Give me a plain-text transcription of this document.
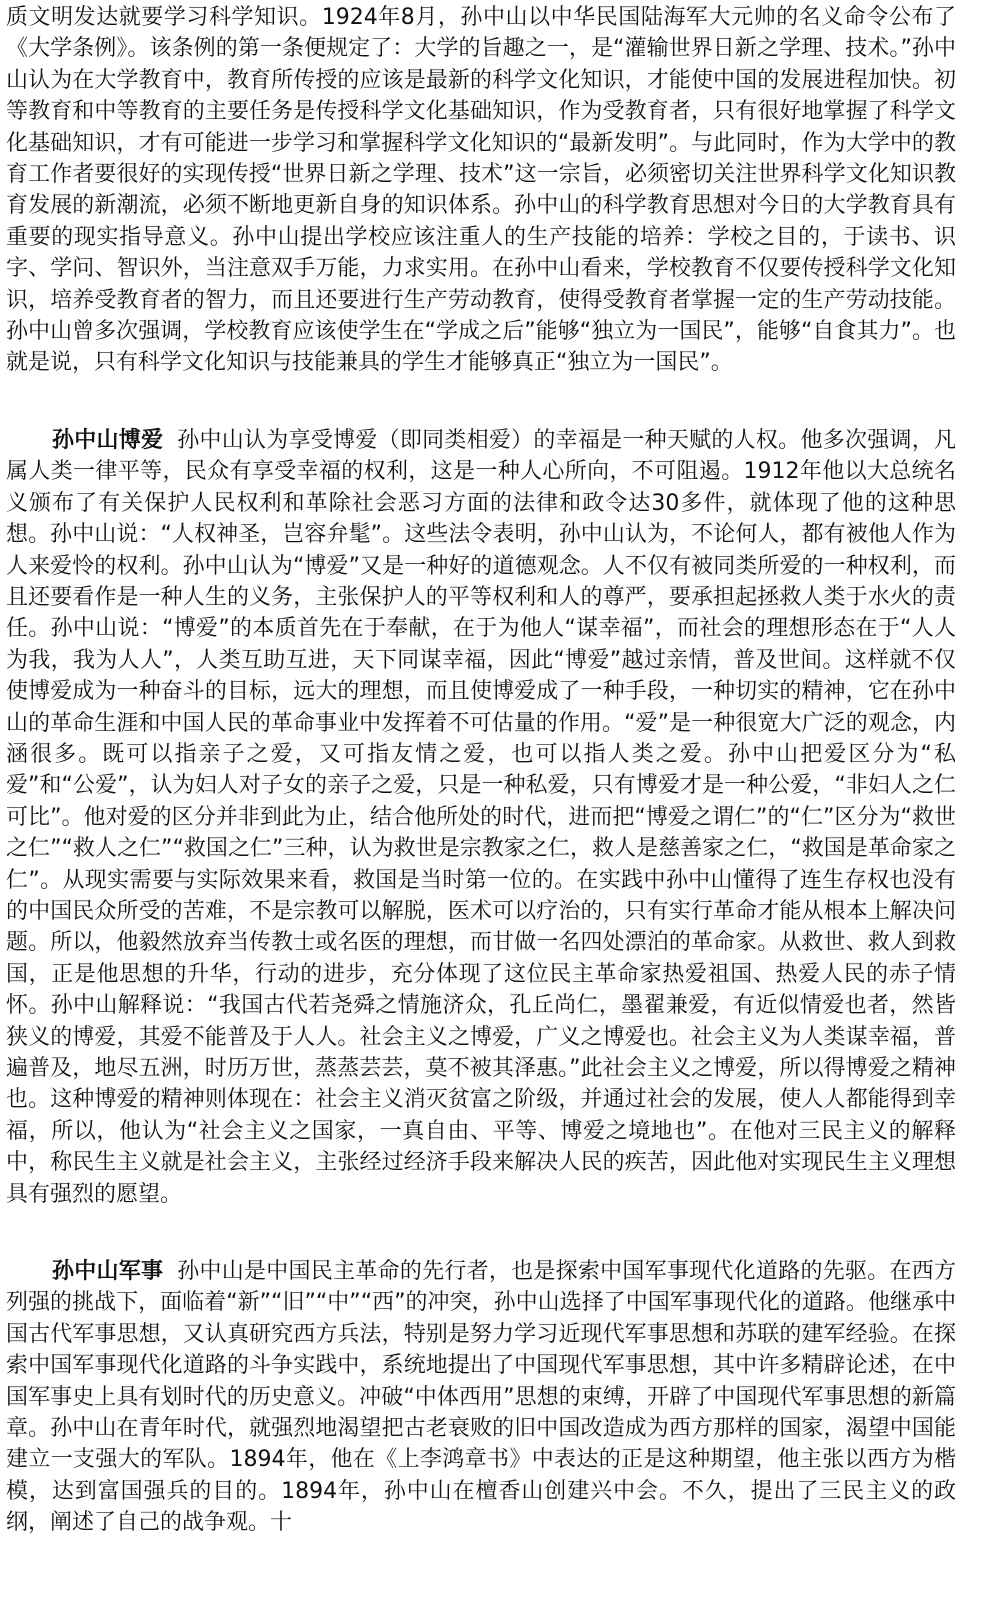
质文明发达就要学习科学知识。1924年8月，孙中山以中华民国陆海军大元帅的名义命令公布了《大学条例》。该条例的第一条便规定了：大学的旨趣之一，是“灌输世界日新之学理、技术。”孙中山认为在大学教育中，教育所传授的应该是最新的科学文化知识，才能使中国的发展进程加快。初等教育和中等教育的主要任务是传授科学文化基础知识，作为受教育者，只有很好地掌握了科学文化基础知识，才有可能进一步学习和掌握科学文化知识的“最新发明”。与此同时，作为大学中的教育工作者要很好的实现传授“世界日新之学理、技术”这一宗旨，必须密切关注世界科学文化知识教育发展的新潮流，必须不断地更新自身的知识体系。孙中山的科学教育思想对今日的大学教育具有重要的现实指导意义。孙中山提出学校应该注重人的生产技能的培养：学校之目的，于读书、识字、学问、智识外，当注意双手万能，力求实用。在孙中山看来，学校教育不仅要传授科学文化知识，培养受教育者的智力，而且还要进行生产劳动教育，使得受教育者掌握一定的生产劳动技能。孙中山曾多次强调，学校教育应该使学生在“学成之后”能够“独立为一国民”，能够“自食其力”。也就是说，只有科学文化知识与技能兼具的学生才能够真正“独立为一国民”。

孙中山博爱 孙中山认为享受博爱（即同类相爱）的幸福是一种天赋的人权。他多次强调，凡属人类一律平等，民众有享受幸福的权利，这是一种人心所向，不可阻遏。1912年他以大总统名义颁布了有关保护人民权利和革除社会恶习方面的法律和政令达30多件，就体现了他的这种思想。孙中山说：“人权神圣，岂容弁髦”。这些法令表明，孙中山认为，不论何人，都有被他人作为人来爱怜的权利。孙中山认为“博爱”又是一种好的道德观念。人不仅有被同类所爱的一种权利，而且还要看作是一种人生的义务，主张保护人的平等权利和人的尊严，要承担起拯救人类于水火的责任。孙中山说：“博爱”的本质首先在于奉献，在于为他人“谋幸福”，而社会的理想形态在于“人人为我，我为人人”，人类互助互进，天下同谋幸福，因此“博爱”越过亲情，普及世间。这样就不仅使博爱成为一种奋斗的目标，远大的理想，而且使博爱成了一种手段，一种切实的精神，它在孙中山的革命生涯和中国人民的革命事业中发挥着不可估量的作用。“爱”是一种很宽大广泛的观念，内涵很多。既可以指亲子之爱，又可指友情之爱，也可以指人类之爱。孙中山把爱区分为“私爱”和“公爱”，认为妇人对子女的亲子之爱，只是一种私爱，只有博爱才是一种公爱，“非妇人之仁可比”。他对爱的区分并非到此为止，结合他所处的时代，进而把“博爱之谓仁”的“仁”区分为“救世之仁”“救人之仁”“救国之仁”三种，认为救世是宗教家之仁，救人是慈善家之仁，“救国是革命家之仁”。从现实需要与实际效果来看，救国是当时第一位的。在实践中孙中山懂得了连生存权也没有的中国民众所受的苦难，不是宗教可以解脱，医术可以疗治的，只有实行革命才能从根本上解决问题。所以，他毅然放弃当传教士或名医的理想，而甘做一名四处漂泊的革命家。从救世、救人到救国，正是他思想的升华，行动的进步，充分体现了这位民主革命家热爱祖国、热爱人民的赤子情怀。孙中山解释说：“我国古代若尧舜之情施济众，孔丘尚仁，墨翟兼爱，有近似情爱也者，然皆狭义的博爱，其爱不能普及于人人。社会主义之博爱，广义之博爱也。社会主义为人类谋幸福，普遍普及，地尽五洲，时历万世，蒸蒸芸芸，莫不被其泽惠。”此社会主义之博爱，所以得博爱之精神也。这种博爱的精神则体现在：社会主义消灭贫富之阶级，并通过社会的发展，使人人都能得到幸福，所以，他认为“社会主义之国家，一真自由、平等、博爱之境地也”。在他对三民主义的解释中，称民生主义就是社会主义，主张经过经济手段来解决人民的疾苦，因此他对实现民生主义理想具有强烈的愿望。

孙中山军事 孙中山是中国民主革命的先行者，也是探索中国军事现代化道路的先驱。在西方列强的挑战下，面临着“新”“旧”“中”“西”的冲突，孙中山选择了中国军事现代化的道路。他继承中国古代军事思想，又认真研究西方兵法，特别是努力学习近现代军事思想和苏联的建军经验。在探索中国军事现代化道路的斗争实践中，系统地提出了中国现代军事思想，其中许多精辟论述，在中国军事史上具有划时代的历史意义。冲破“中体西用”思想的束缚，开辟了中国现代军事思想的新篇章。孙中山在青年时代，就强烈地渴望把古老衰败的旧中国改造成为西方那样的国家，渴望中国能建立一支强大的军队。1894年，他在《上李鸿章书》中表达的正是这种期望，他主张以西方为楷模，达到富国强兵的目的。1894年，孙中山在檀香山创建兴中会。不久，提出了三民主义的政纲，阐述了自己的战争观。十
